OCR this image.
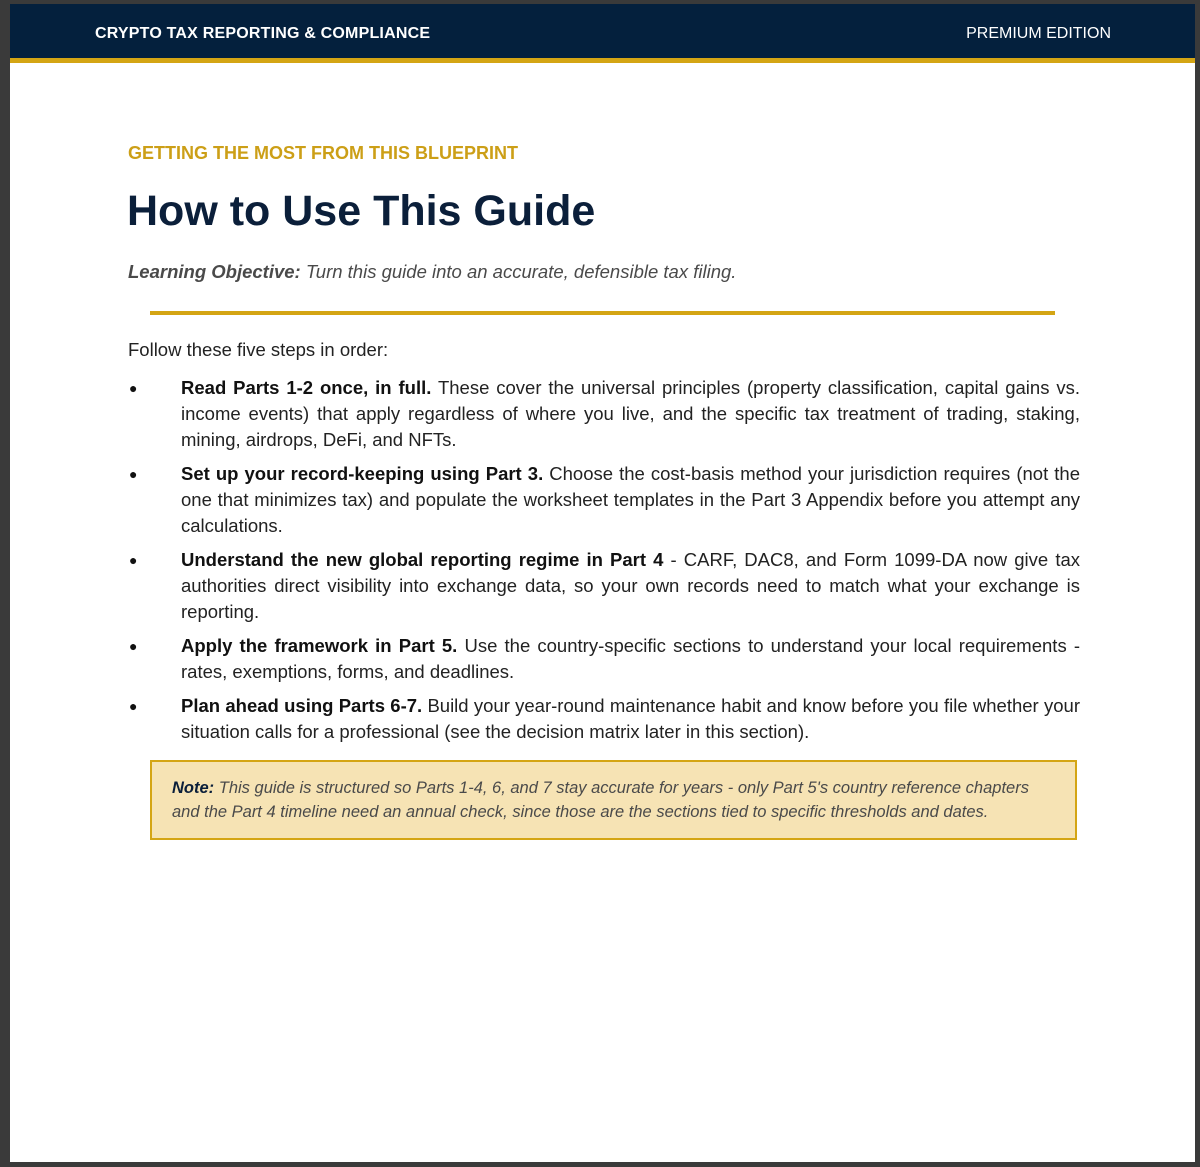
CRYPTO TAX REPORTING & COMPLIANCE	PREMIUM EDITION
GETTING THE MOST FROM THIS BLUEPRINT
How to Use This Guide
Learning Objective: Turn this guide into an accurate, defensible tax filing.
Follow these five steps in order:
● Read Parts 1-2 once, in full. These cover the universal principles (property classification, capital gains vs. income events) that apply regardless of where you live, and the specific tax treatment of trading, staking, mining, airdrops, DeFi, and NFTs.
● Set up your record-keeping using Part 3. Choose the cost-basis method your jurisdiction requires (not the one that minimizes tax) and populate the worksheet templates in the Part 3 Appendix before you attempt any calculations.
● Understand the new global reporting regime in Part 4 - CARF, DAC8, and Form 1099-DA now give tax authorities direct visibility into exchange data, so your own records need to match what your exchange is reporting.
● Apply the framework in Part 5. Use the country-specific sections to understand your local requirements - rates, exemptions, forms, and deadlines.
● Plan ahead using Parts 6-7. Build your year-round maintenance habit and know before you file whether your situation calls for a professional (see the decision matrix later in this section).
Note: This guide is structured so Parts 1-4, 6, and 7 stay accurate for years - only Part 5's country reference chapters and the Part 4 timeline need an annual check, since those are the sections tied to specific thresholds and dates.
